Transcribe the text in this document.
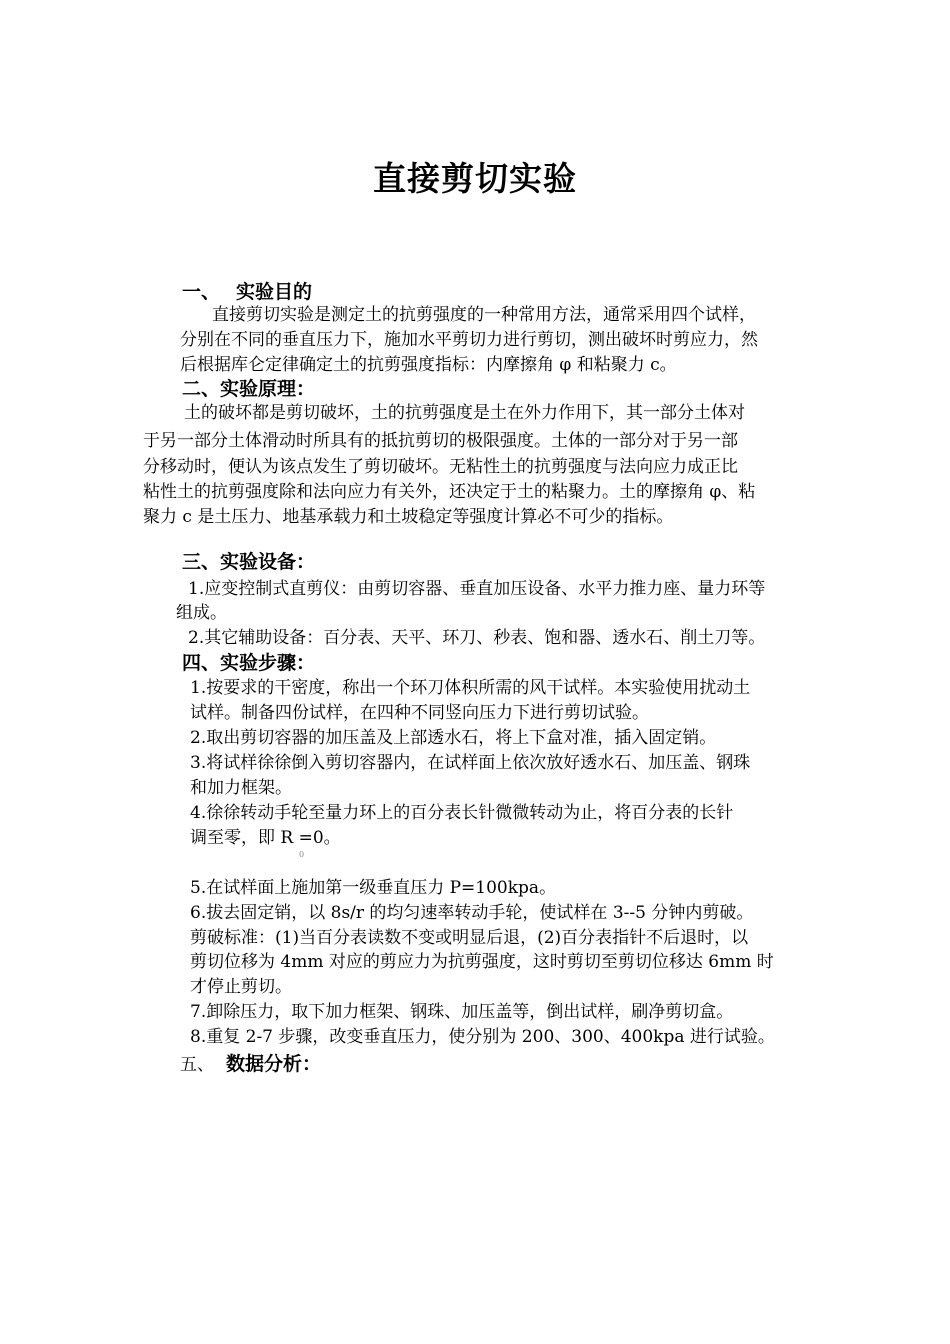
直接剪切实验
一、 实验目的
直接剪切实验是测定土的抗剪强度的一种常用方法，通常采用四个试样，
分别在不同的垂直压力下，施加水平剪切力进行剪切，测出破坏时剪应力，然
后根据库仑定律确定土的抗剪强度指标：内摩擦角 φ 和粘聚力 c。
二、实验原理：
土的破坏都是剪切破坏，土的抗剪强度是土在外力作用下，其一部分土体对
于另一部分土体滑动时所具有的抵抗剪切的极限强度。土体的一部分对于另一部
分移动时，便认为该点发生了剪切破坏。无粘性土的抗剪强度与法向应力成正比
粘性土的抗剪强度除和法向应力有关外，还决定于土的粘聚力。土的摩擦角 φ、粘
聚力 c 是土压力、地基承载力和土坡稳定等强度计算必不可少的指标。
三、实验设备：
1.应变控制式直剪仪：由剪切容器、垂直加压设备、水平力推力座、量力环等
组成。
2.其它辅助设备：百分表、天平、环刀、秒表、饱和器、透水石、削土刀等。
四、实验步骤：
1.按要求的干密度，称出一个环刀体积所需的风干试样。本实验使用扰动土
试样。制备四份试样，在四种不同竖向压力下进行剪切试验。
2.取出剪切容器的加压盖及上部透水石，将上下盒对准，插入固定销。
3.将试样徐徐倒入剪切容器内，在试样面上依次放好透水石、加压盖、钢珠
和加力框架。
4.徐徐转动手轮至量力环上的百分表长针微微转动为止，将百分表的长针
调至零，即 R =0。
0
5.在试样面上施加第一级垂直压力 P=100kpa。
6.拔去固定销，以 8s/r 的均匀速率转动手轮，使试样在 3--5 分钟内剪破。
剪破标准：(1)当百分表读数不变或明显后退，(2)百分表指针不后退时，以
剪切位移为 4mm 对应的剪应力为抗剪强度，这时剪切至剪切位移达 6mm 时
才停止剪切。
7.卸除压力，取下加力框架、钢珠、加压盖等，倒出试样，刷净剪切盒。
8.重复 2-7 步骤，改变垂直压力，使分别为 200、300、400kpa 进行试验。
五、 数据分析：
